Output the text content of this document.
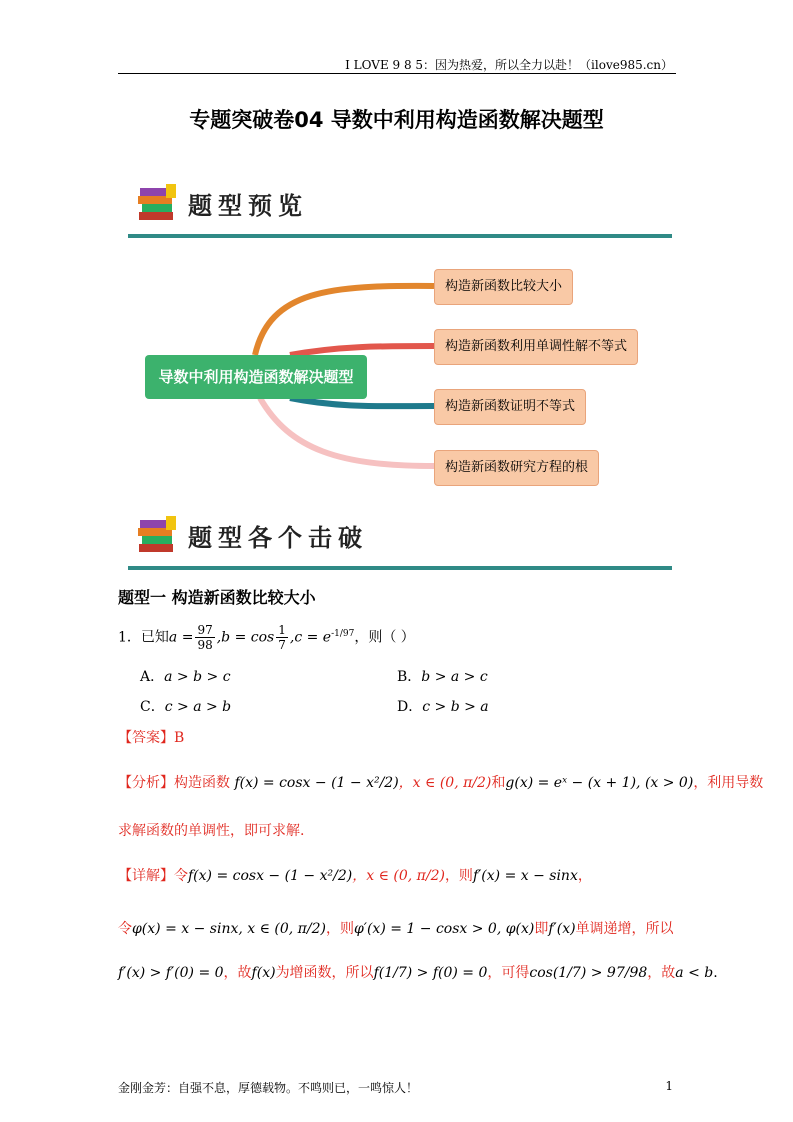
I LOVE 9 8 5：因为热爱，所以全力以赴！（ilove985.cn）
专题突破卷04 导数中利用构造函数解决题型
题型预览
导数中利用构造函数解决题型
构造新函数比较大小
构造新函数利用单调性解不等式
构造新函数证明不等式
构造新函数研究方程的根
题型各个击破
题型一 构造新函数比较大小
1．已知$a = \frac{97}{98} ,b = \cos \frac{1}{7} ,c = e^{-1/97}$，则（ ）
A．a > b > c	B．b > a > c
C．c > a > b	D．c > b > a
【答案】B
【分析】构造函数 f(x) = cosx − (1 − x²/2)，x ∈ (0, π/2)和g(x) = eˣ − (x + 1), (x > 0)，利用导数
求解函数的单调性，即可求解.
【详解】令f(x) = cosx − (1 − x²/2)，x ∈ (0, π/2)，则f′(x) = x − sinx，
令φ(x) = x − sinx, x ∈ (0, π/2)，则φ′(x) = 1 − cosx > 0, φ(x)即f′(x)单调递增，所以
f′(x) > f′(0) = 0，故f(x)为增函数，所以f(1/7) > f(0) = 0，可得cos(1/7) > 97/98，故a < b.
金刚金芳：自强不息，厚德载物。不鸣则已，一鸣惊人！	1
